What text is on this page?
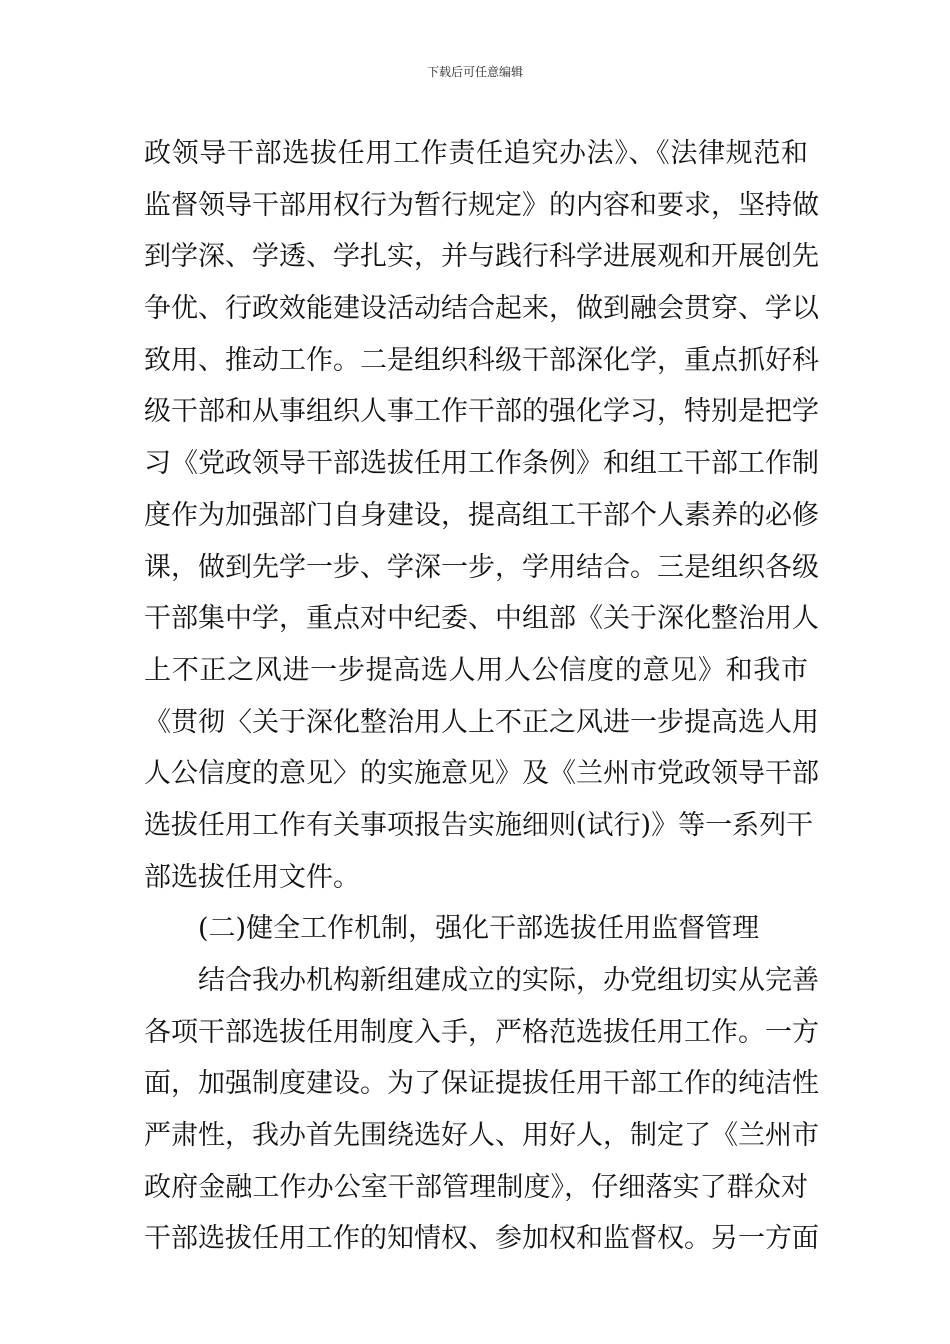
下载后可任意编辑
政领导干部选拔任用工作责任追究办法》、《法律规范和
监督领导干部用权行为暂行规定》的内容和要求，坚持做
到学深、学透、学扎实，并与践行科学进展观和开展创先
争优、行政效能建设活动结合起来，做到融会贯穿、学以
致用、推动工作。二是组织科级干部深化学，重点抓好科
级干部和从事组织人事工作干部的强化学习，特别是把学
习《党政领导干部选拔任用工作条例》和组工干部工作制
度作为加强部门自身建设，提高组工干部个人素养的必修
课，做到先学一步、学深一步，学用结合。三是组织各级
干部集中学，重点对中纪委、中组部《关于深化整治用人
上不正之风进一步提高选人用人公信度的意见》和我市
《贯彻〈关于深化整治用人上不正之风进一步提高选人用
人公信度的意见〉的实施意见》及《兰州市党政领导干部
选拔任用工作有关事项报告实施细则(试行)》等一系列干
部选拔任用文件。
(二)健全工作机制，强化干部选拔任用监督管理
结合我办机构新组建成立的实际，办党组切实从完善
各项干部选拔任用制度入手，严格范选拔任用工作。一方
面，加强制度建设。为了保证提拔任用干部工作的纯洁性
严肃性，我办首先围绕选好人、用好人，制定了《兰州市
政府金融工作办公室干部管理制度》，仔细落实了群众对
干部选拔任用工作的知情权、参加权和监督权。另一方面
